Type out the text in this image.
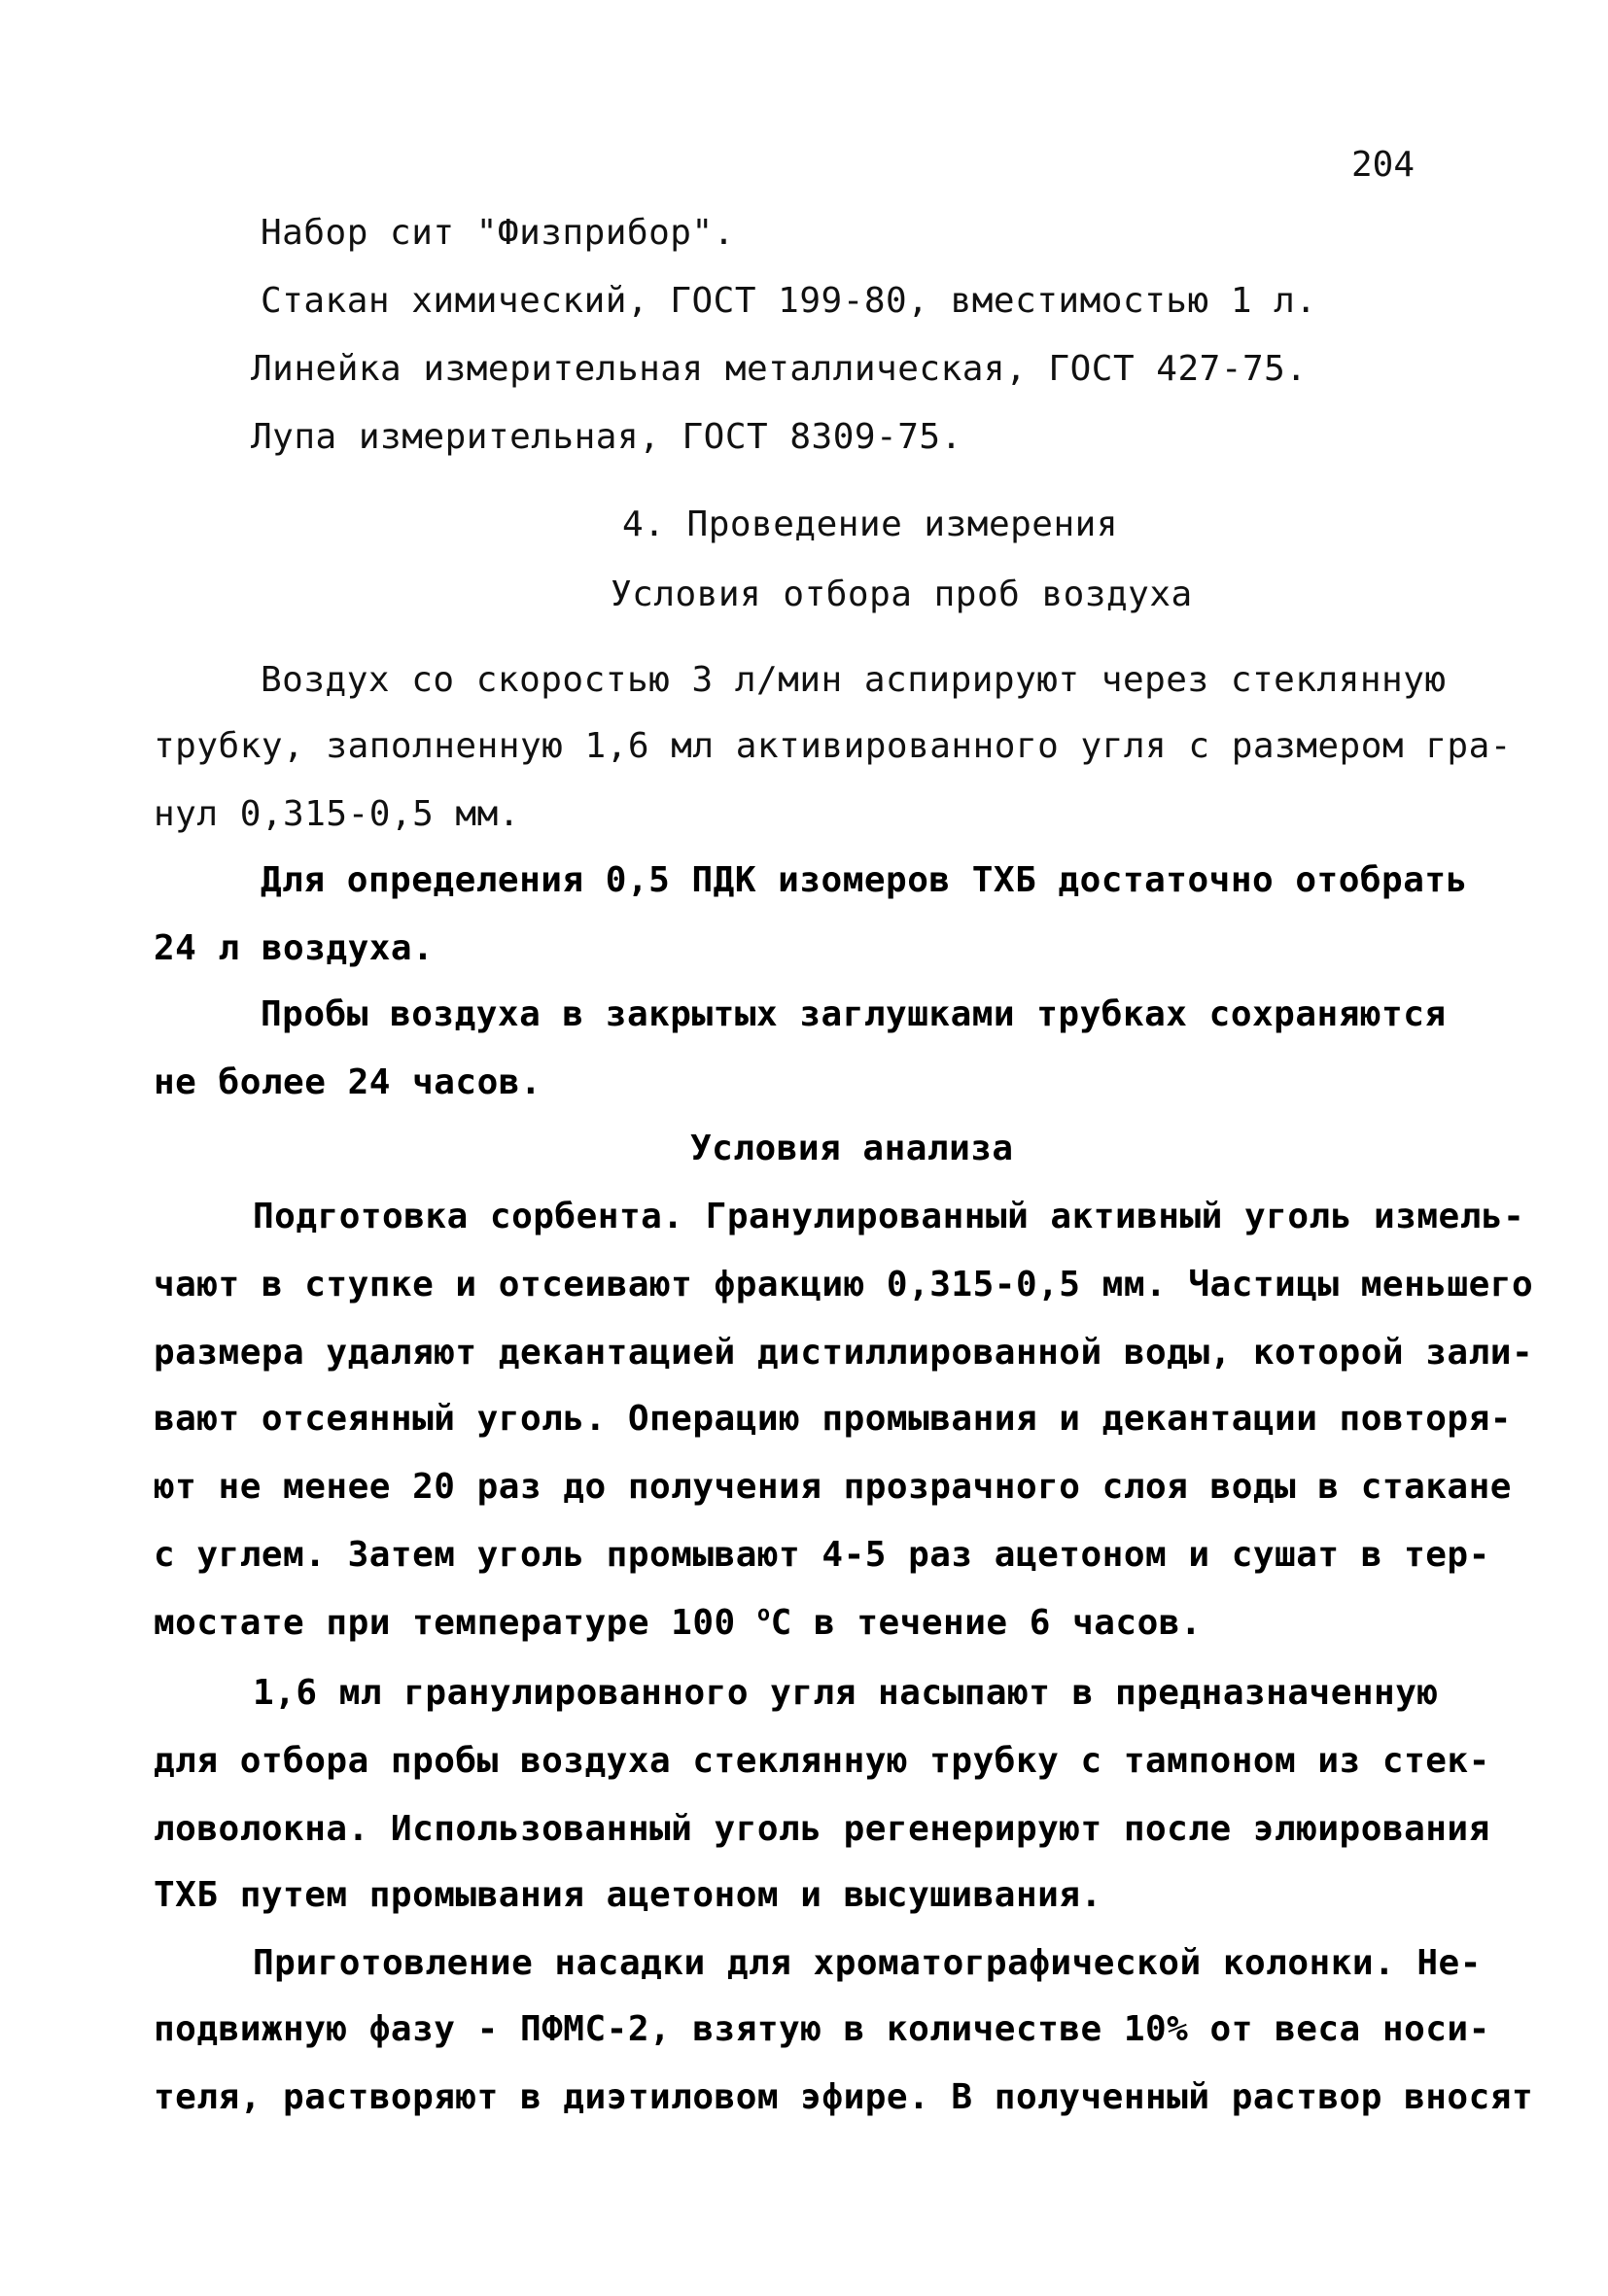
204
Набор сит "Физприбор".
Стакан химический, ГОСТ 199-80, вместимостью 1 л.
Линейка измерительная металлическая, ГОСТ 427-75.
Лупа измерительная, ГОСТ 8309-75.
4. Проведение измерения
Условия отбора проб воздуха
Воздух со скоростью 3 л/мин аспирируют через стеклянную
трубку, заполненную 1,6 мл активированного угля с размером гра-
нул 0,315-0,5 мм.
Для определения 0,5 ПДК изомеров ТХБ достаточно отобрать
24 л воздуха.
Пробы воздуха в закрытых заглушками трубках сохраняются
не более 24 часов.
Условия анализа
Подготовка сорбента. Гранулированный активный уголь измель-
чают в ступке и отсеивают фракцию 0,315-0,5 мм. Частицы меньшего
размера удаляют декантацией дистиллированной воды, которой зали-
вают отсеянный уголь. Операцию промывания и декантации повторя-
ют не менее 20 раз до получения прозрачного слоя воды в стакане
с углем. Затем уголь промывают 4-5 раз ацетоном и сушат в тер-
мостате при температуре 100 $^о$С в течение 6 часов.
1,6 мл гранулированного угля насыпают в предназначенную
для отбора пробы воздуха стеклянную трубку с тампоном из стек-
ловолокна. Использованный уголь регенерируют после элюирования
ТХБ путем промывания ацетоном и высушивания.
Приготовление насадки для хроматографической колонки. Не-
подвижную фазу - ПФМС-2, взятую в количестве 10% от веса носи-
теля, растворяют в диэтиловом эфире. В полученный раствор вносят
